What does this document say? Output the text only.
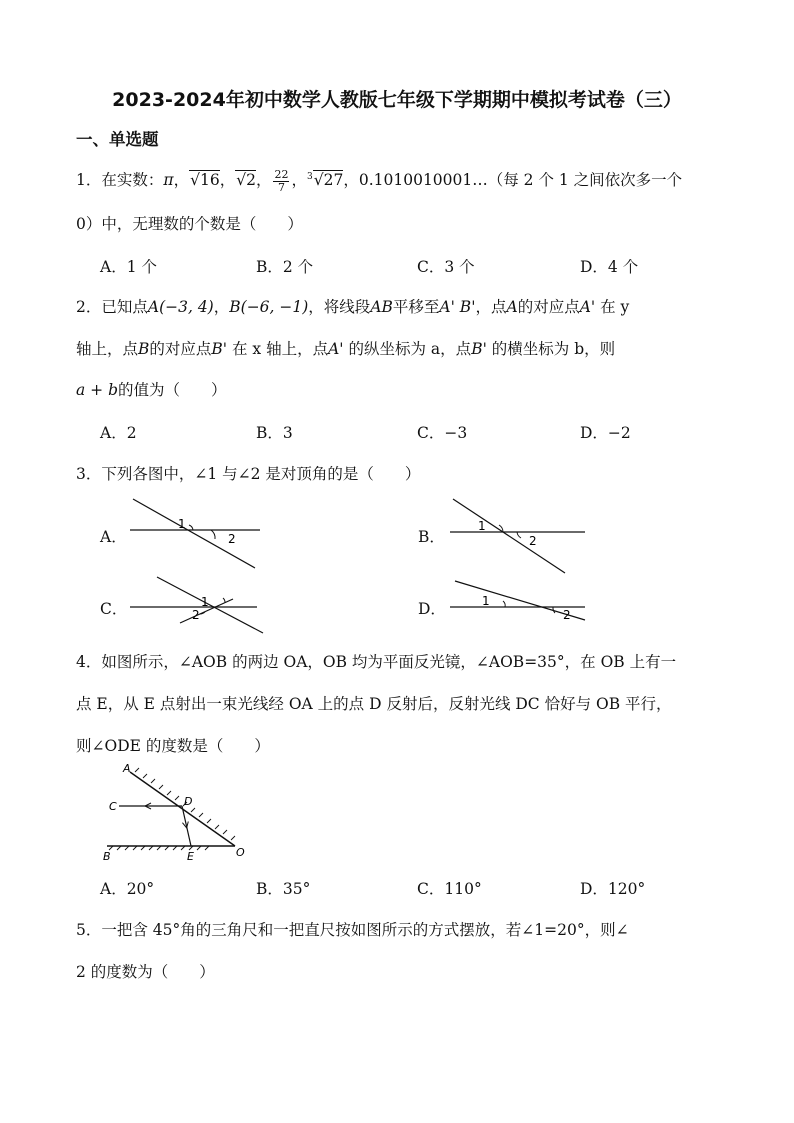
2023-2024年初中数学人教版七年级下学期期中模拟考试卷（三）
一、单选题
1．在实数：π，√16，√2， $\frac{22}{7}$ ，$^3$√27，0.1010010001…（每 2 个 1 之间依次多一个
0）中，无理数的个数是（　　）
A．1 个	B．2 个	C．3 个	D．4 个
2．已知点A(−3, 4)，B(−6, −1)，将线段AB平移至A' B'，点A的对应点A' 在 y
轴上，点B的对应点B' 在 x 轴上，点A' 的纵坐标为 a，点B' 的横坐标为 b，则
a + b的值为（　　）
A．2	B．3	C．−3	D．−2
3．下列各图中，∠1 与∠2 是对顶角的是（　　）
A．
1
2	B．
1
2
C．	1
2	D．	1
2
4．如图所示，∠AOB 的两边 OA，OB 均为平面反光镜，∠AOB=35°，在 OB 上有一
点 E，从 E 点射出一束光线经 OA 上的点 D 反射后，反射光线 DC 恰好与 OB 平行，
则∠ODE 的度数是（　　）
A
C	D
B	E	O
A．20°	B．35°	C．110°	D．120°
5．一把含 45°角的三角尺和一把直尺按如图所示的方式摆放，若∠1=20°，则∠
2 的度数为（　　）
